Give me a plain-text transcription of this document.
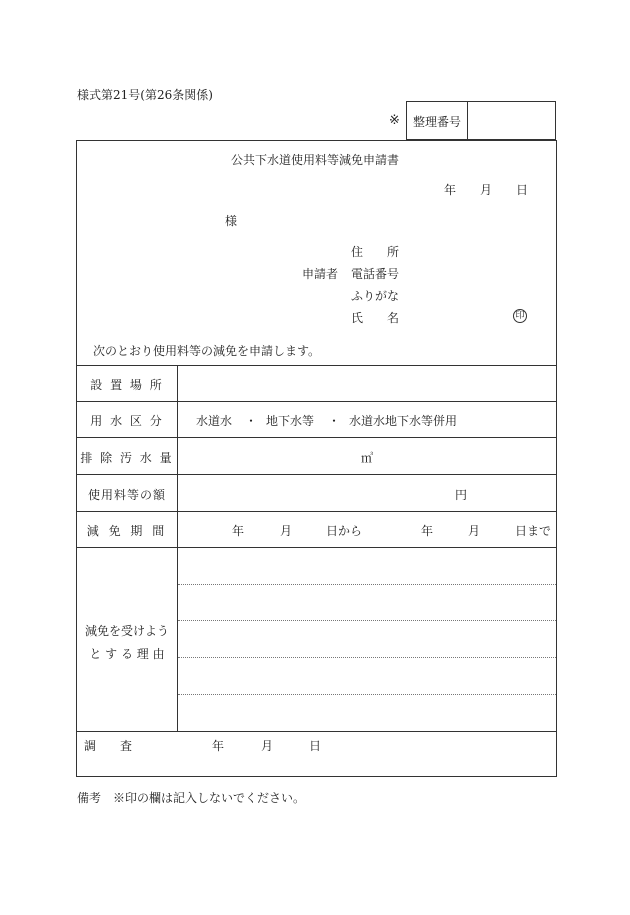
様式第21号(第26条関係)
※ 整理番号
公共下水道使用料等減免申請書
年 月 日
様
住　　所
申請者 電話番号
ふりがな
氏　　名	印
次のとおり使用料等の減免を申請します。
設 置 場 所
用 水 区 分	水道水 ・ 地下水等 ・ 水道水地下水等併用
排 除 汚 水 量	㎥
使用料等の額	円
減 免 期 間	年	月	日から	年	月	日まで
減免を受けよう
と す る 理 由
調　　査	年	月	日
備考　※印の欄は記入しないでください。
